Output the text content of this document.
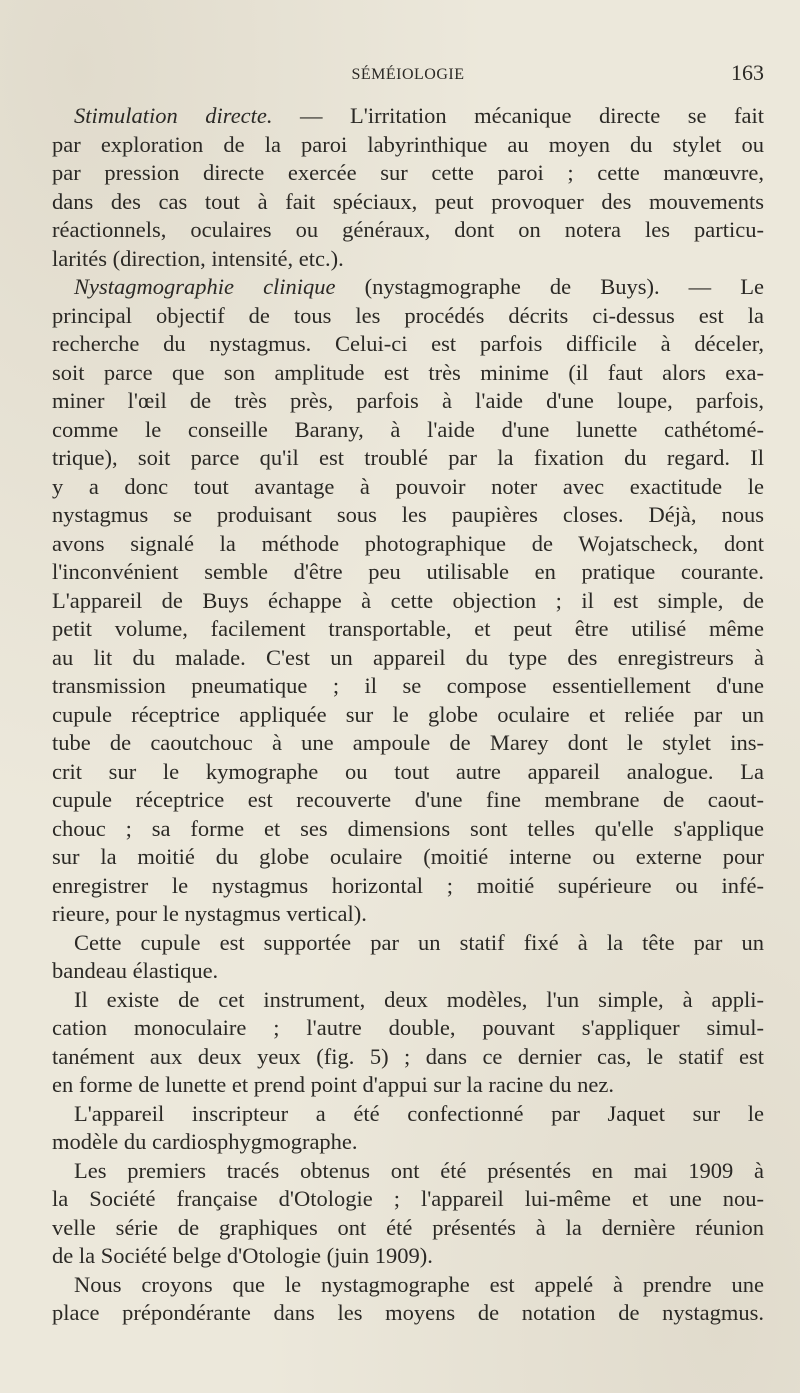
SÉMÉIOLOGIE	163
Stimulation directe. — L'irritation mécanique directe se fait
par exploration de la paroi labyrinthique au moyen du stylet ou
par pression directe exercée sur cette paroi ; cette manœuvre,
dans des cas tout à fait spéciaux, peut provoquer des mouvements
réactionnels, oculaires ou généraux, dont on notera les particu-
larités (direction, intensité, etc.).
Nystagmographie clinique (nystagmographe de Buys). — Le
principal objectif de tous les procédés décrits ci-dessus est la
recherche du nystagmus. Celui-ci est parfois difficile à déceler,
soit parce que son amplitude est très minime (il faut alors exa-
miner l'œil de très près, parfois à l'aide d'une loupe, parfois,
comme le conseille Barany, à l'aide d'une lunette cathétomé-
trique), soit parce qu'il est troublé par la fixation du regard. Il
y a donc tout avantage à pouvoir noter avec exactitude le
nystagmus se produisant sous les paupières closes. Déjà, nous
avons signalé la méthode photographique de Wojatscheck, dont
l'inconvénient semble d'être peu utilisable en pratique courante.
L'appareil de Buys échappe à cette objection ; il est simple, de
petit volume, facilement transportable, et peut être utilisé même
au lit du malade. C'est un appareil du type des enregistreurs à
transmission pneumatique ; il se compose essentiellement d'une
cupule réceptrice appliquée sur le globe oculaire et reliée par un
tube de caoutchouc à une ampoule de Marey dont le stylet ins-
crit sur le kymographe ou tout autre appareil analogue. La
cupule réceptrice est recouverte d'une fine membrane de caout-
chouc ; sa forme et ses dimensions sont telles qu'elle s'applique
sur la moitié du globe oculaire (moitié interne ou externe pour
enregistrer le nystagmus horizontal ; moitié supérieure ou infé-
rieure, pour le nystagmus vertical).
Cette cupule est supportée par un statif fixé à la tête par un
bandeau élastique.
Il existe de cet instrument, deux modèles, l'un simple, à appli-
cation monoculaire ; l'autre double, pouvant s'appliquer simul-
tanément aux deux yeux (fig. 5) ; dans ce dernier cas, le statif est
en forme de lunette et prend point d'appui sur la racine du nez.
L'appareil inscripteur a été confectionné par Jaquet sur le
modèle du cardiosphygmographe.
Les premiers tracés obtenus ont été présentés en mai 1909 à
la Société française d'Otologie ; l'appareil lui-même et une nou-
velle série de graphiques ont été présentés à la dernière réunion
de la Société belge d'Otologie (juin 1909).
Nous croyons que le nystagmographe est appelé à prendre une
place prépondérante dans les moyens de notation de nystagmus.
